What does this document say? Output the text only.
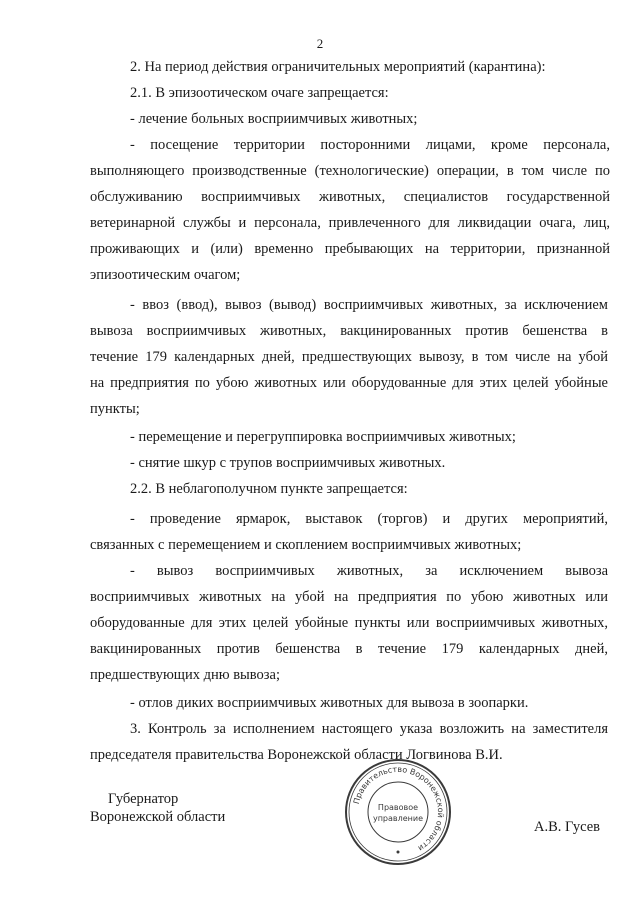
2
2. На период действия ограничительных мероприятий (карантина):
2.1. В эпизоотическом очаге запрещается:
- лечение больных восприимчивых животных;
- посещение территории посторонними лицами, кроме персонала,
выполняющего производственные (технологические) операции, в том числе по
обслуживанию восприимчивых животных, специалистов государственной
ветеринарной службы и персонала, привлеченного для ликвидации очага, лиц,
проживающих и (или) временно пребывающих на территории, признанной
эпизоотическим очагом;
- ввоз (ввод), вывоз (вывод) восприимчивых животных, за исключением
вывоза восприимчивых животных, вакцинированных против бешенства в
течение 179 календарных дней, предшествующих вывозу, в том числе на убой
на предприятия по убою животных или оборудованные для этих целей убойные
пункты;
- перемещение и перегруппировка восприимчивых животных;
- снятие шкур с трупов восприимчивых животных.
2.2. В неблагополучном пункте запрещается:
- проведение ярмарок, выставок (торгов) и других мероприятий,
связанных с перемещением и скоплением восприимчивых животных;
- вывоз восприимчивых животных, за исключением вывоза
восприимчивых животных на убой на предприятия по убою животных или
оборудованные для этих целей убойные пункты или восприимчивых животных,
вакцинированных против бешенства в течение 179 календарных дней,
предшествующих дню вывоза;
- отлов диких восприимчивых животных для вывоза в зоопарки.
3. Контроль за исполнением настоящего указа возложить на заместителя
председателя правительства Воронежской области Логвинова В.И.
Губернатор
Воронежской области
А.В. Гусев
Правительство Воронежской области
Правовое
управление
